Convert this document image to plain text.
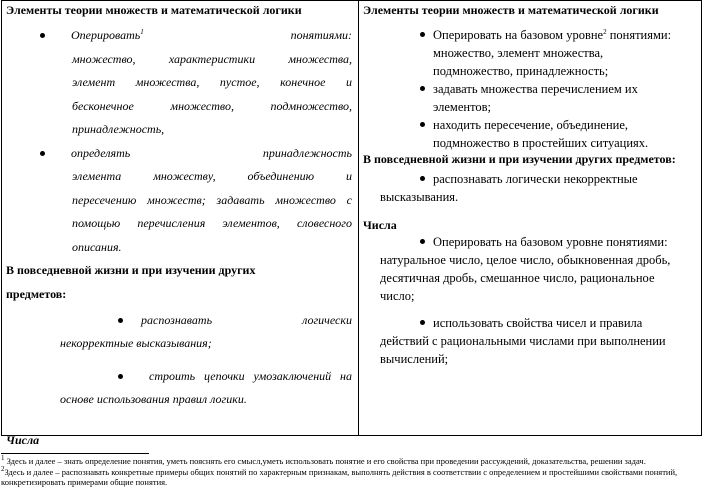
Элементы теории множеств и математической логики
Оперировать$^1$	понятиями:
множество, характеристики множества,
элемент множества, пустое, конечное и
бесконечное множество, подмножество,
принадлежность,
определять	принадлежность
элемента множеству, объединению и
пересечению множеств; задавать множество с
помощью перечисления элементов, словесного
описания.
В повседневной жизни и при изучении других
предметов:
распознавать	логически
некорректные высказывания;
строить цепочки умозаключений на
основе использования правил логики.
Числа
Элементы теории множеств и математической логики
Оперировать на базовом уровне$^2$ понятиями:
множество, элемент множества,
подмножество, принадлежность;
задавать множества перечислением их
элементов;
находить пересечение, объединение,
подмножество в простейших ситуациях.
В повседневной жизни и при изучении других предметов:
распознавать логически некорректные
высказывания.
Числа
Оперировать на базовом уровне понятиями:
натуральное число, целое число, обыкновенная дробь,
десятичная дробь, смешанное число, рациональное
число;
использовать свойства чисел и правила
действий с рациональными числами при выполнении
вычислений;
$^1$ Здесь и далее – знать определение понятия, уметь пояснять его смысл,уметь использовать понятие и его свойства при проведении рассуждений, доказательства, решении задач.
$^2$Здесь и далее – распознавать конкретные примеры общих понятий по характерным признакам, выполнять действия в соответствии с определением и простейшими свойствами понятий, конкретизировать примерами общие понятия.
